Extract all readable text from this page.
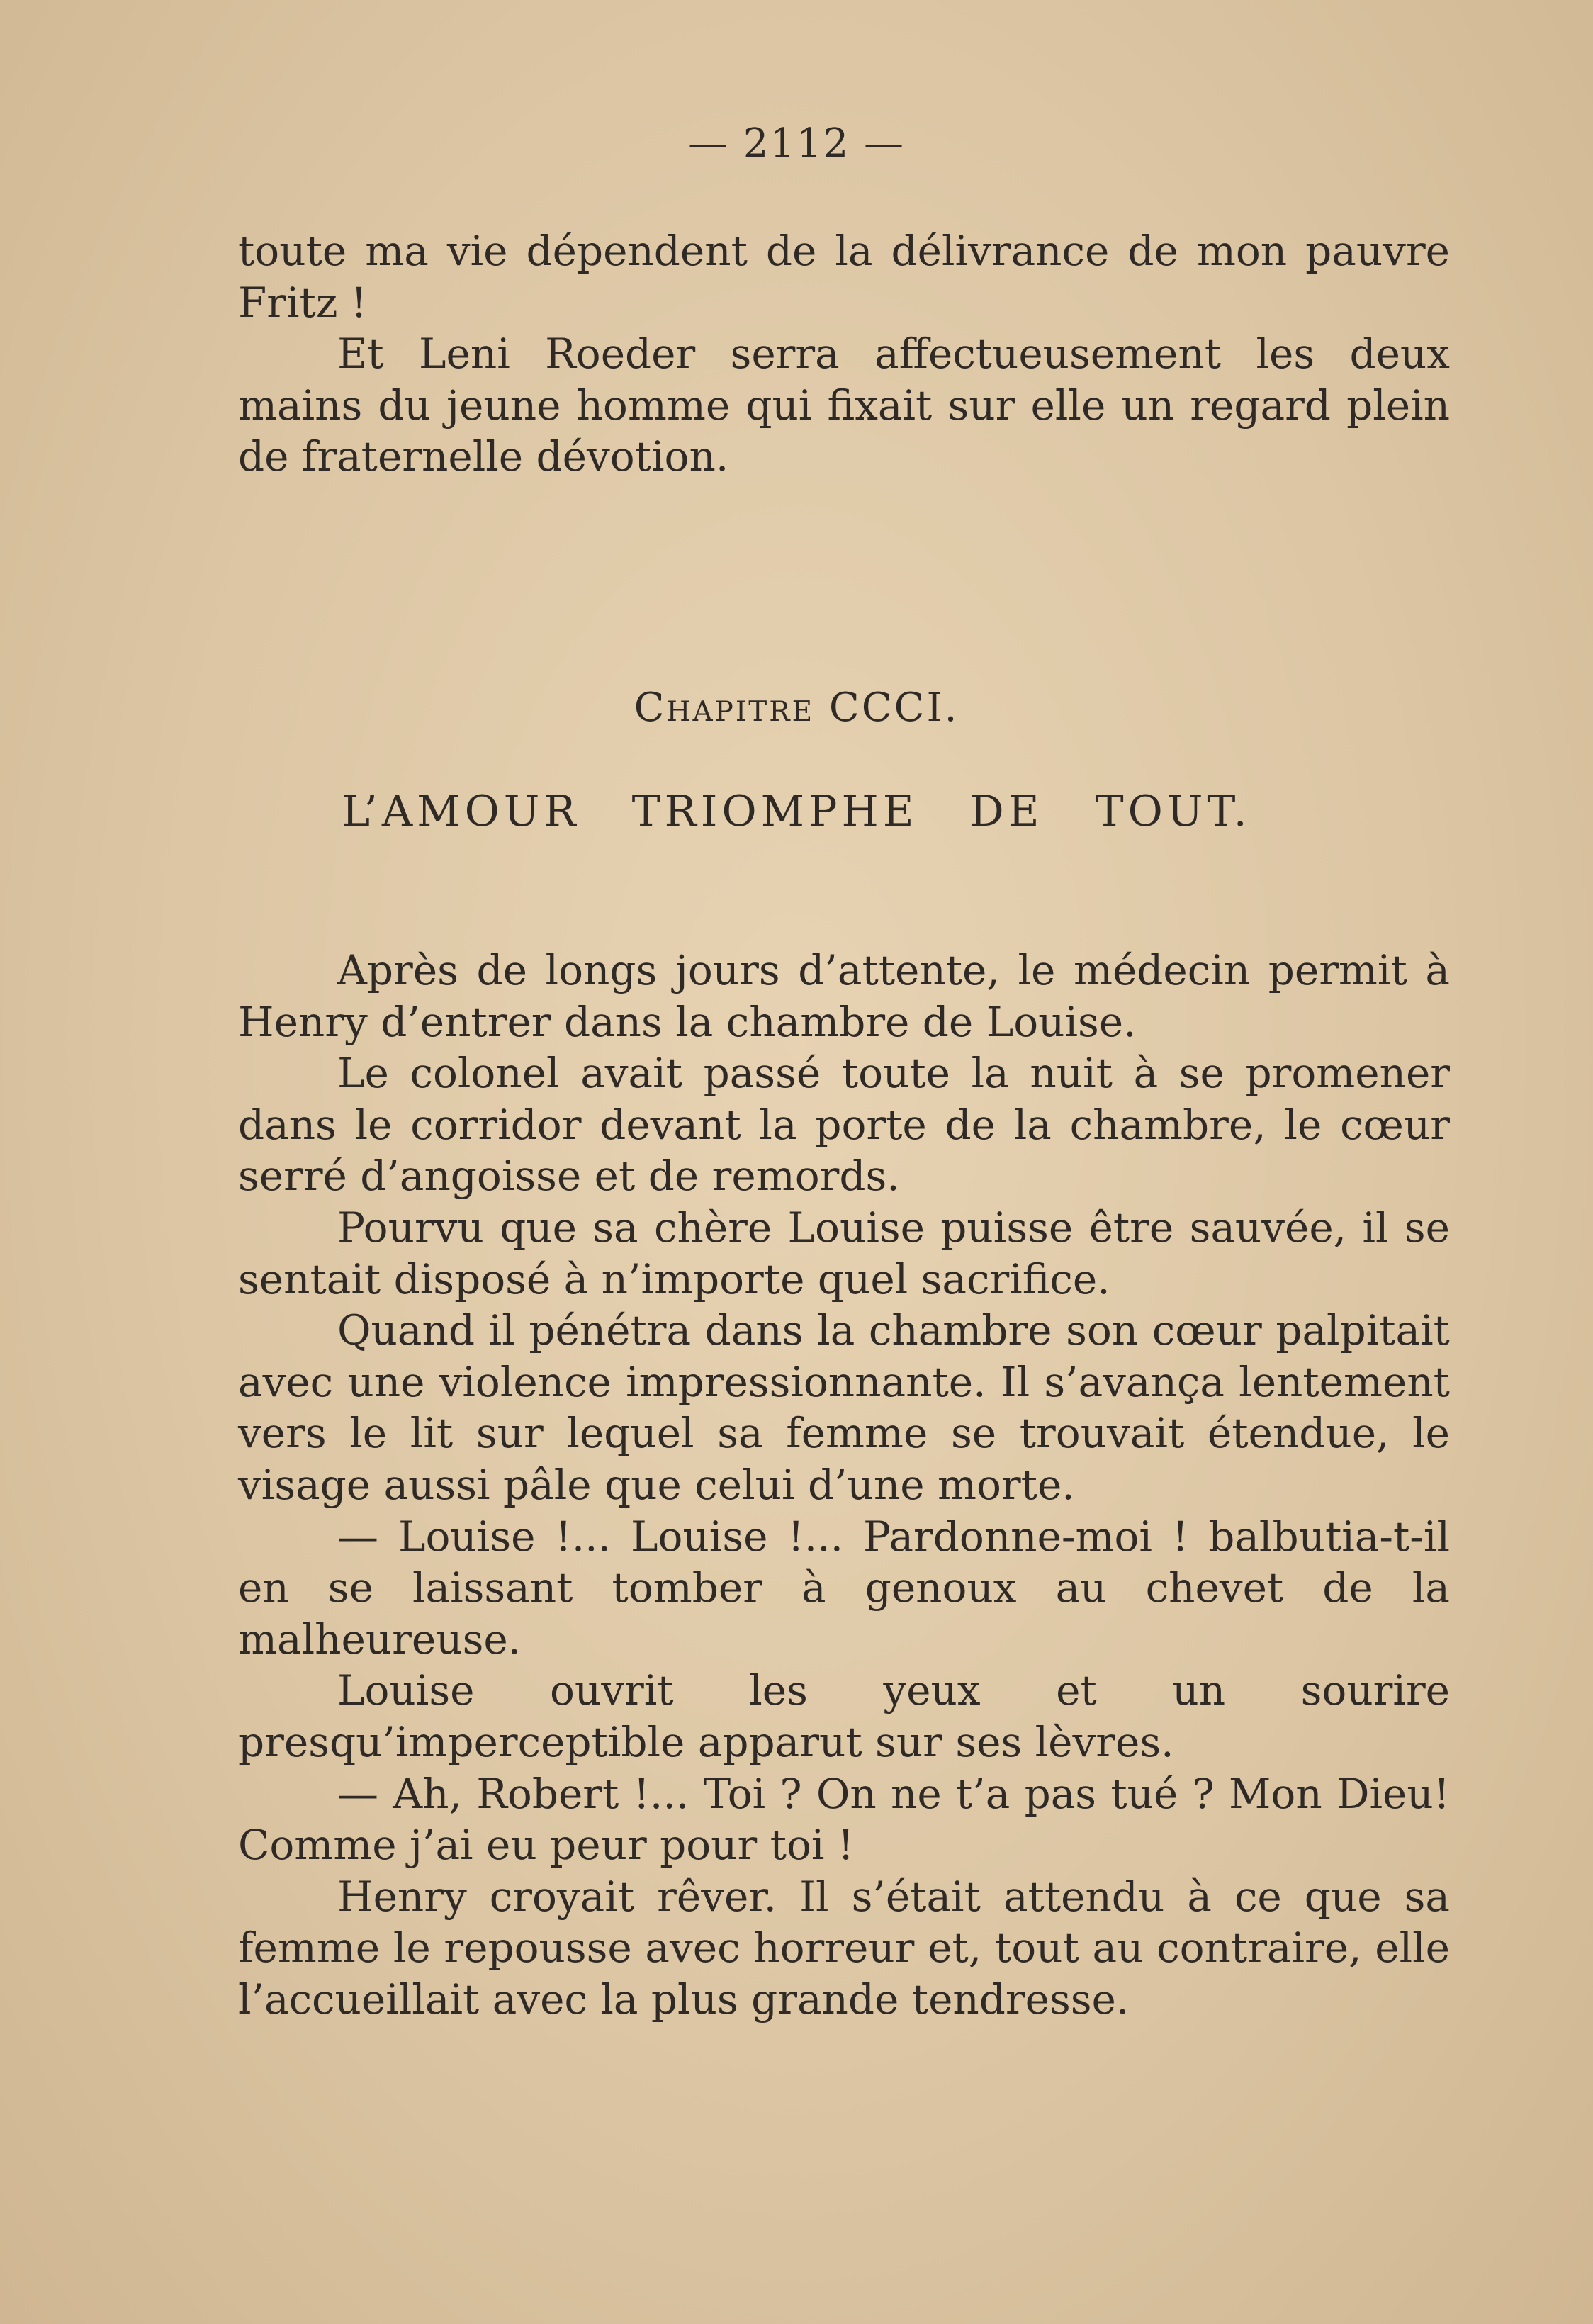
— 2112 —

toute ma vie dépendent de la délivrance de mon pauvre Fritz !

Et Leni Roeder serra affectueusement les deux mains du jeune homme qui fixait sur elle un regard plein de fraternelle dévotion.

Chapitre CCCI.

L’AMOUR TRIOMPHE DE TOUT.

Après de longs jours d’attente, le médecin permit à Henry d’entrer dans la chambre de Louise.

Le colonel avait passé toute la nuit à se promener dans le corridor devant la porte de la chambre, le cœur serré d’angoisse et de remords.

Pourvu que sa chère Louise puisse être sauvée, il se sentait disposé à n’importe quel sacrifice.

Quand il pénétra dans la chambre son cœur palpitait avec une violence impressionnante. Il s’avança lentement vers le lit sur lequel sa femme se trouvait étendue, le visage aussi pâle que celui d’une morte.

— Louise !... Louise !... Pardonne-moi ! balbutia-t-il en se laissant tomber à genoux au chevet de la malheureuse.

Louise ouvrit les yeux et un sourire presqu’imperceptible apparut sur ses lèvres.

— Ah, Robert !... Toi ? On ne t’a pas tué ? Mon Dieu! Comme j’ai eu peur pour toi !

Henry croyait rêver. Il s’était attendu à ce que sa femme le repousse avec horreur et, tout au contraire, elle l’accueillait avec la plus grande tendresse.
